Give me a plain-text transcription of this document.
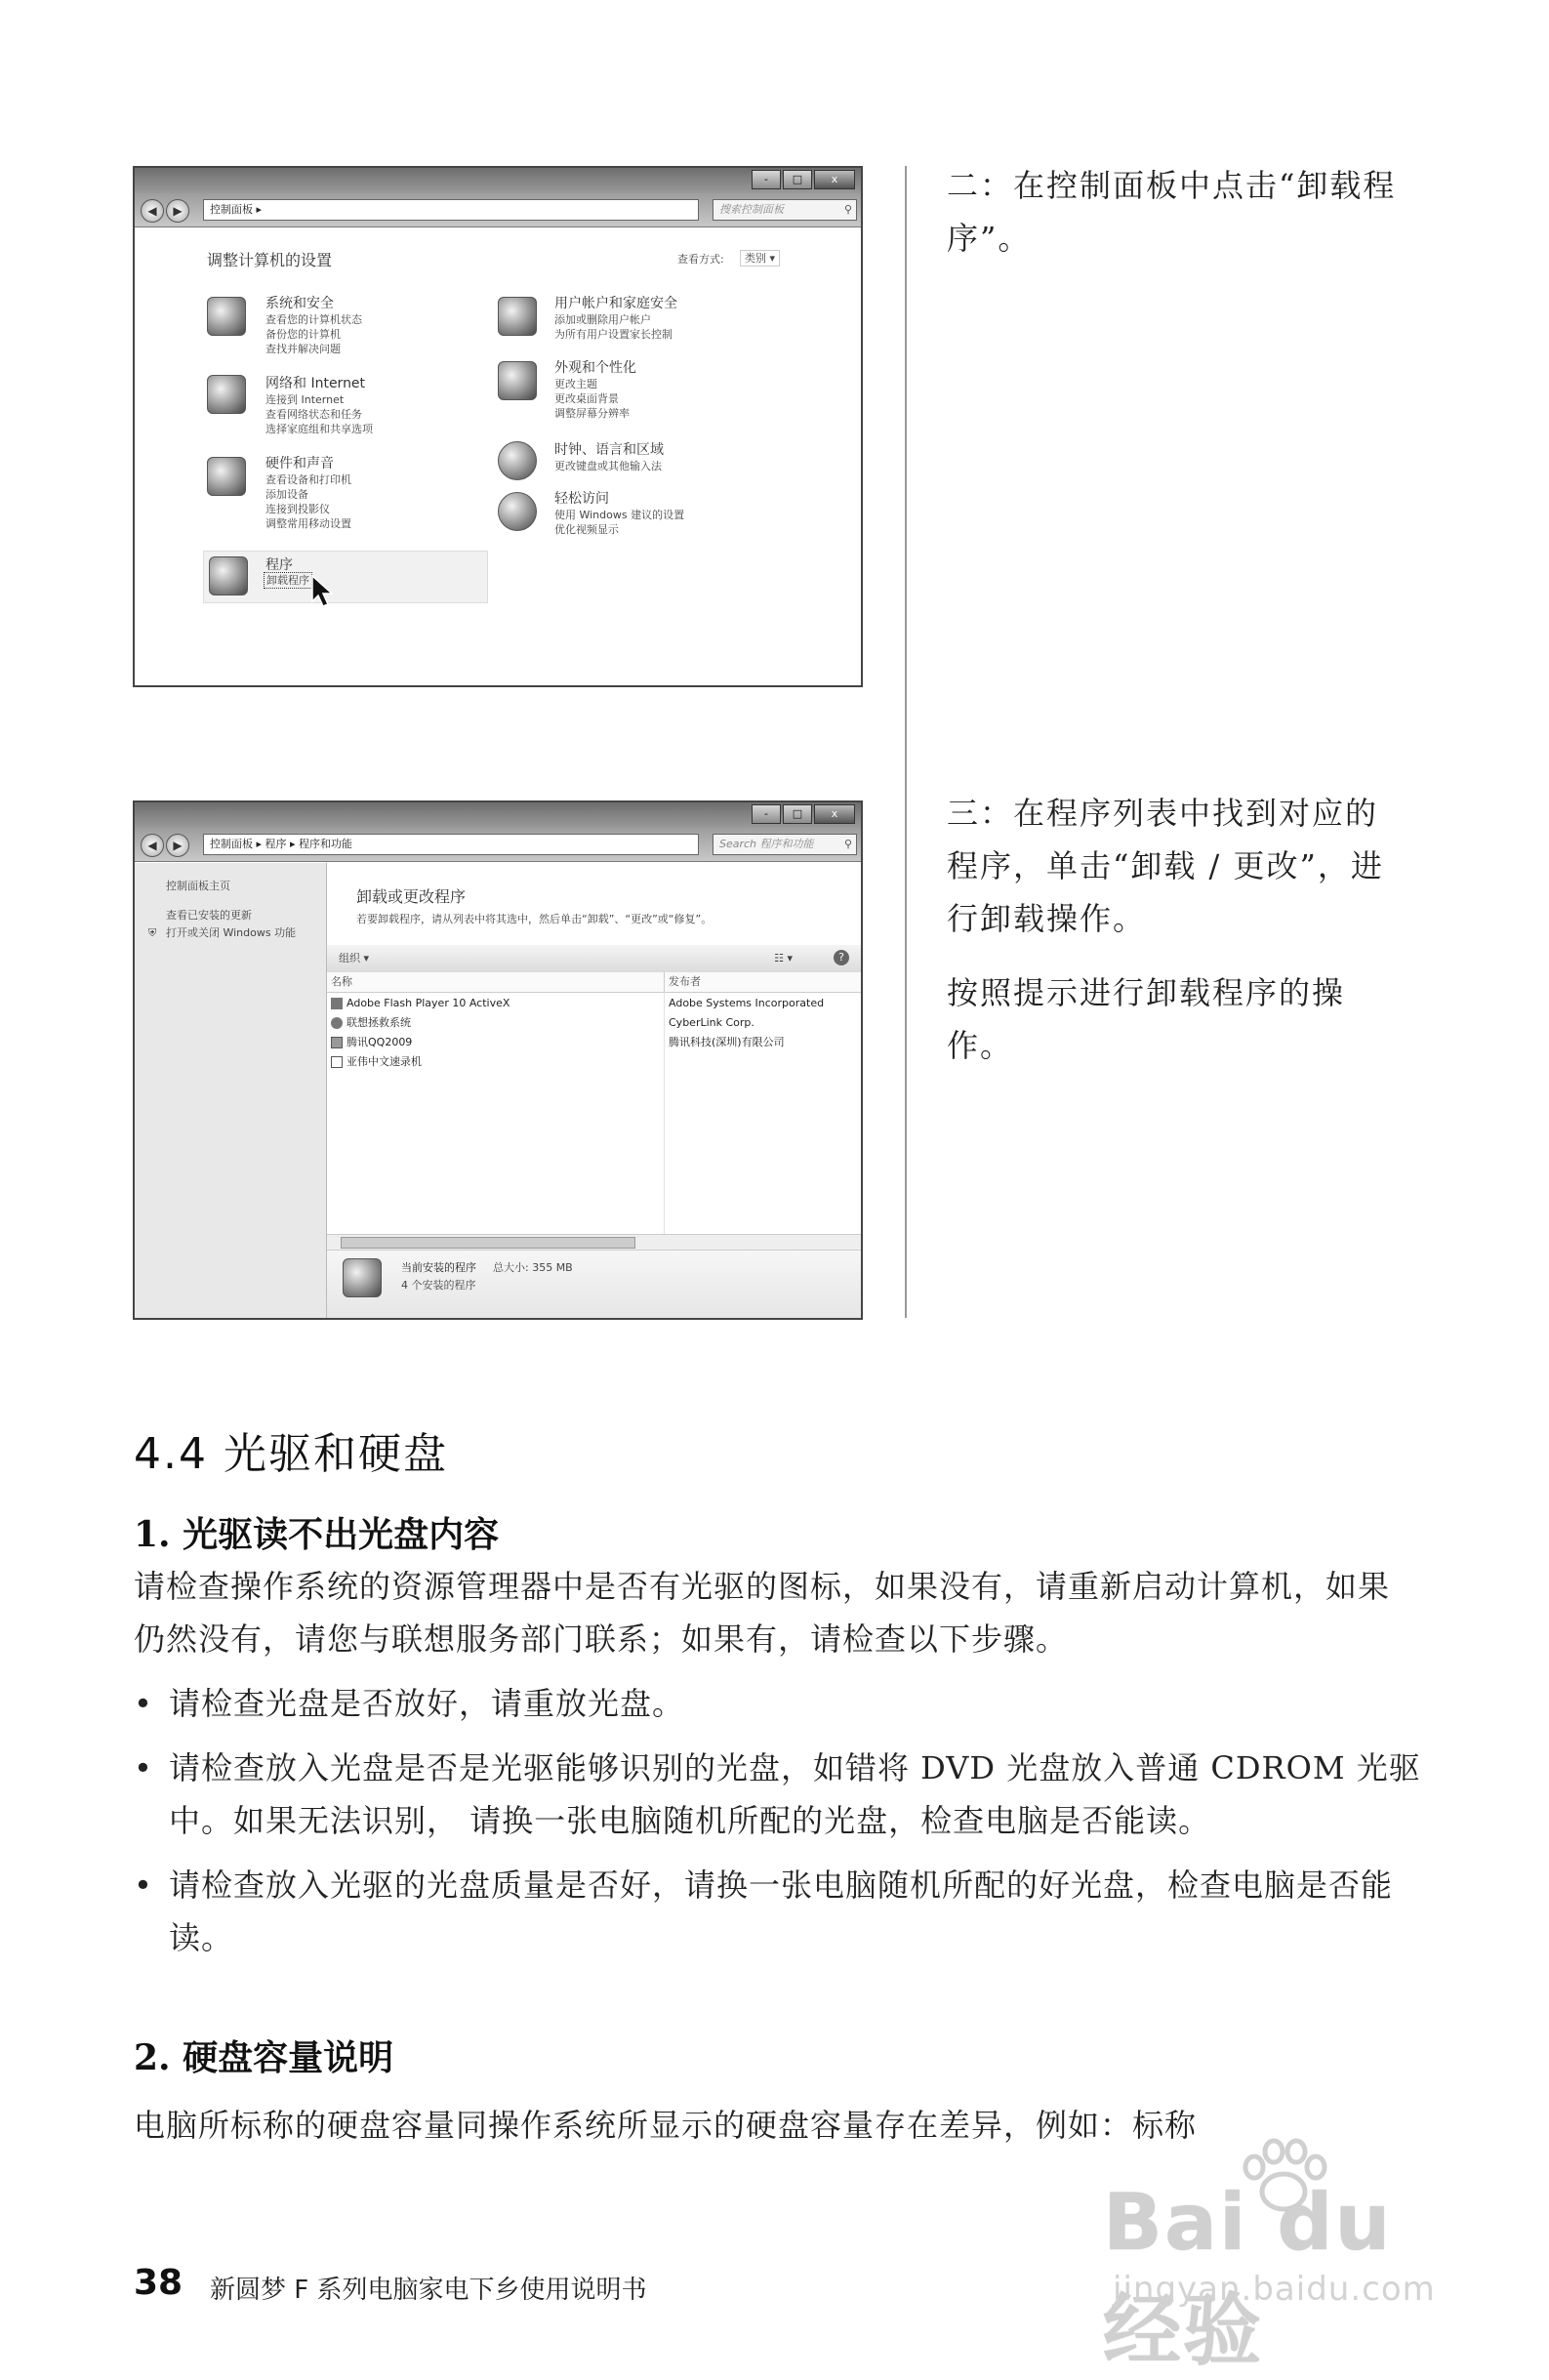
-	□	x
◀	▶	控制面板 ▸	搜索控制面板	⚲
调整计算机的设置	查看方式:	类别 ▾
系统和安全
查看您的计算机状态
备份您的计算机
查找并解决问题
网络和 Internet
连接到 Internet
查看网络状态和任务
选择家庭组和共享选项
硬件和声音
查看设备和打印机
添加设备
连接到投影仪
调整常用移动设置
程序
卸载程序
用户帐户和家庭安全
添加或删除用户帐户
为所有用户设置家长控制
外观和个性化
更改主题
更改桌面背景
调整屏幕分辨率
时钟、语言和区域
更改键盘或其他输入法
轻松访问
使用 Windows 建议的设置
优化视频显示
二：在控制面板中点击“卸载程序”。
-	□	x
◀	▶	控制面板 ▸ 程序 ▸ 程序和功能	Search 程序和功能	⚲
控制面板主页
查看已安装的更新
⛨ 打开或关闭 Windows 功能
卸载或更改程序
若要卸载程序，请从列表中将其选中，然后单击“卸载”、“更改”或“修复”。
组织 ▾	☷ ▾	?
名称	发布者
Adobe Flash Player 10 ActiveX	Adobe Systems Incorporated
联想拯救系统	CyberLink Corp.
腾讯QQ2009	腾讯科技(深圳)有限公司
亚伟中文速录机
当前安装的程序 总大小: 355 MB
4 个安装的程序
三：在程序列表中找到对应的程序，单击“卸载 / 更改”，进行卸载操作。
按照提示进行卸载程序的操作。
4.4 光驱和硬盘
1. 光驱读不出光盘内容
请检查操作系统的资源管理器中是否有光驱的图标，如果没有，请重新启动计算机，如果仍然没有，请您与联想服务部门联系；如果有，请检查以下步骤。
• 请检查光盘是否放好，请重放光盘。
• 请检查放入光盘是否是光驱能够识别的光盘，如错将 DVD 光盘放入普通 CDROM 光驱中。如果无法识别， 请换一张电脑随机所配的光盘，检查电脑是否能读。
• 请检查放入光驱的光盘质量是否好，请换一张电脑随机所配的好光盘，检查电脑是否能读。
2. 硬盘容量说明
电脑所标称的硬盘容量同操作系统所显示的硬盘容量存在差异，例如：标称
38 新圆梦 F 系列电脑家电下乡使用说明书
Bai du 经验
jingyan.baidu.com
